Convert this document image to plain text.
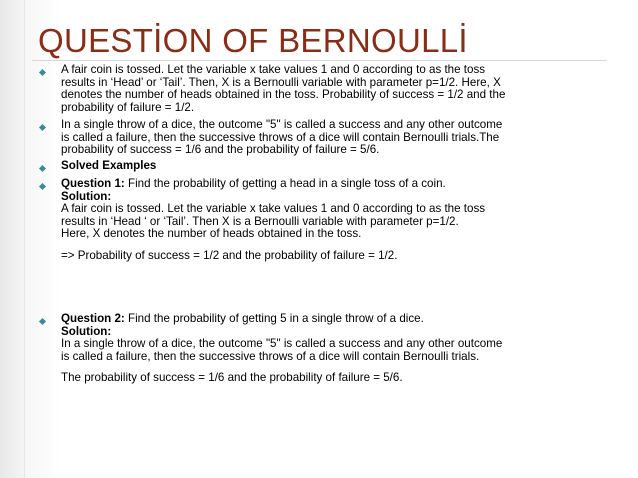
QUESTİON OF BERNOULLİ
A fair coin is tossed. Let the variable x take values 1 and 0 according to as the toss
results in ‘Head’ or ‘Tail’. Then, X is a Bernoulli variable with parameter p=1/2. Here, X
denotes the number of heads obtained in the toss. Probability of success = 1/2 and the
probability of failure = 1/2.
In a single throw of a dice, the outcome "5" is called a success and any other outcome
is called a failure, then the successive throws of a dice will contain Bernoulli trials.The
probability of success = 1/6 and the probability of failure = 5/6.
Solved Examples
Question 1: Find the probability of getting a head in a single toss of a coin.
Solution:
A fair coin is tossed. Let the variable x take values 1 and 0 according to as the toss
results in ‘Head ‘ or ‘Tail’. Then X is a Bernoulli variable with parameter p=1/2.
Here, X denotes the number of heads obtained in the toss.
=> Probability of success = 1/2 and the probability of failure = 1/2.
Question 2: Find the probability of getting 5 in a single throw of a dice.
Solution:
In a single throw of a dice, the outcome "5" is called a success and any other outcome
is called a failure, then the successive throws of a dice will contain Bernoulli trials.
The probability of success = 1/6 and the probability of failure = 5/6.
